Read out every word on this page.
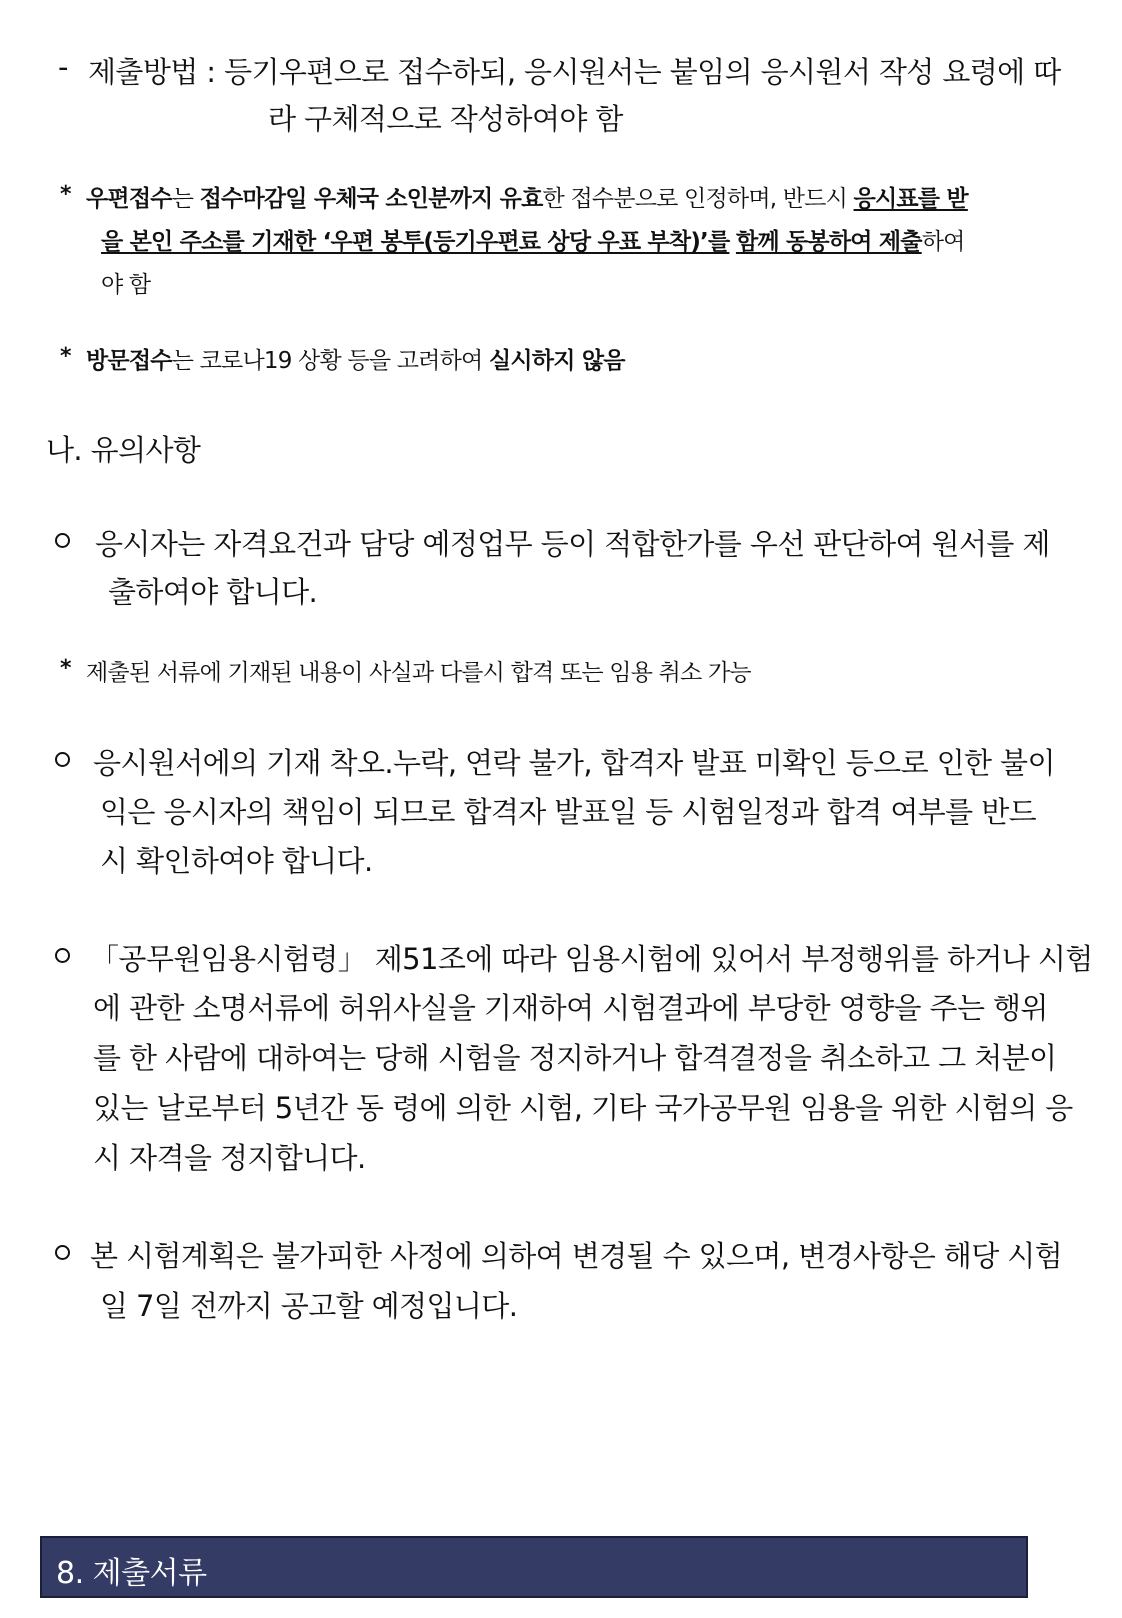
- 제출방법 : 등기우편으로 접수하되, 응시원서는 붙임의 응시원서 작성 요령에 따
라 구체적으로 작성하여야 함
* 우편접수는 접수마감일 우체국 소인분까지 유효한 접수분으로 인정하며, 반드시 응시표를 받
을 본인 주소를 기재한 ‘우편 봉투(등기우편료 상당 우표 부착)’를 함께 동봉하여 제출하여
야 함
* 방문접수는 코로나19 상황 등을 고려하여 실시하지 않음
나. 유의사항
응시자는 자격요건과 담당 예정업무 등이 적합한가를 우선 판단하여 원서를 제
출하여야 합니다.
* 제출된 서류에 기재된 내용이 사실과 다를시 합격 또는 임용 취소 가능
응시원서에의 기재 착오.누락, 연락 불가, 합격자 발표 미확인 등으로 인한 불이
익은 응시자의 책임이 되므로 합격자 발표일 등 시험일정과 합격 여부를 반드
시 확인하여야 합니다.
「공무원임용시험령」 제51조에 따라 임용시험에 있어서 부정행위를 하거나 시험
에 관한 소명서류에 허위사실을 기재하여 시험결과에 부당한 영향을 주는 행위
를 한 사람에 대하여는 당해 시험을 정지하거나 합격결정을 취소하고 그 처분이
있는 날로부터 5년간 동 령에 의한 시험, 기타 국가공무원 임용을 위한 시험의 응
시 자격을 정지합니다.
본 시험계획은 불가피한 사정에 의하여 변경될 수 있으며, 변경사항은 해당 시험
일 7일 전까지 공고할 예정입니다.
8. 제출서류
